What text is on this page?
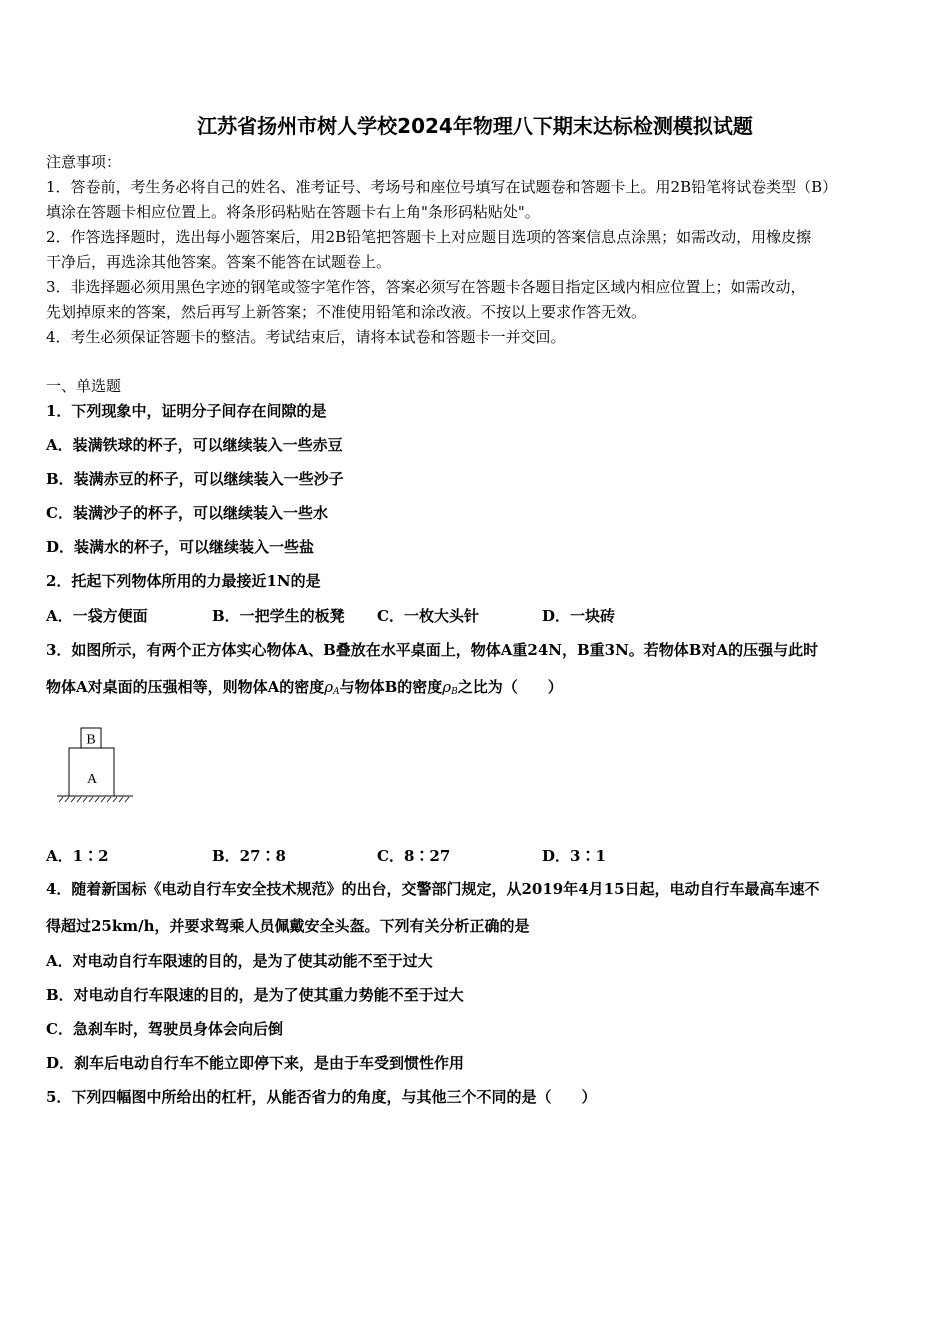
江苏省扬州市树人学校2024年物理八下期末达标检测模拟试题
注意事项：
1．答卷前，考生务必将自己的姓名、准考证号、考场号和座位号填写在试题卷和答题卡上。用2B铅笔将试卷类型（B）
填涂在答题卡相应位置上。将条形码粘贴在答题卡右上角"条形码粘贴处"。
2．作答选择题时，选出每小题答案后，用2B铅笔把答题卡上对应题目选项的答案信息点涂黑；如需改动，用橡皮擦
干净后，再选涂其他答案。答案不能答在试题卷上。
3．非选择题必须用黑色字迹的钢笔或签字笔作答，答案必须写在答题卡各题目指定区域内相应位置上；如需改动，
先划掉原来的答案，然后再写上新答案；不准使用铅笔和涂改液。不按以上要求作答无效。
4．考生必须保证答题卡的整洁。考试结束后，请将本试卷和答题卡一并交回。
一、单选题
1．下列现象中，证明分子间存在间隙的是
A．装满铁球的杯子，可以继续装入一些赤豆
B．装满赤豆的杯子，可以继续装入一些沙子
C．装满沙子的杯子，可以继续装入一些水
D．装满水的杯子，可以继续装入一些盐
2．托起下列物体所用的力最接近1N的是
A．一袋方便面	B．一把学生的板凳 C．一枚大头针	D．一块砖
3．如图所示，有两个正方体实心物体A、B叠放在水平桌面上，物体A重24N，B重3N。若物体B对A的压强与此时
物体A对桌面的压强相等，则物体A的密度$\rho_A$与物体B的密度$\rho_B$之比为（　　）
B
A
A．1∶2	B．27∶8	C．8∶27	D．3∶1
4．随着新国标《电动自行车安全技术规范》的出台，交警部门规定，从2019年4月15日起，电动自行车最高车速不
得超过25km/h，并要求驾乘人员佩戴安全头盔。下列有关分析正确的是
A．对电动自行车限速的目的，是为了使其动能不至于过大
B．对电动自行车限速的目的，是为了使其重力势能不至于过大
C．急刹车时，驾驶员身体会向后倒
D．刹车后电动自行车不能立即停下来，是由于车受到惯性作用
5．下列四幅图中所给出的杠杆，从能否省力的角度，与其他三个不同的是（　　）
